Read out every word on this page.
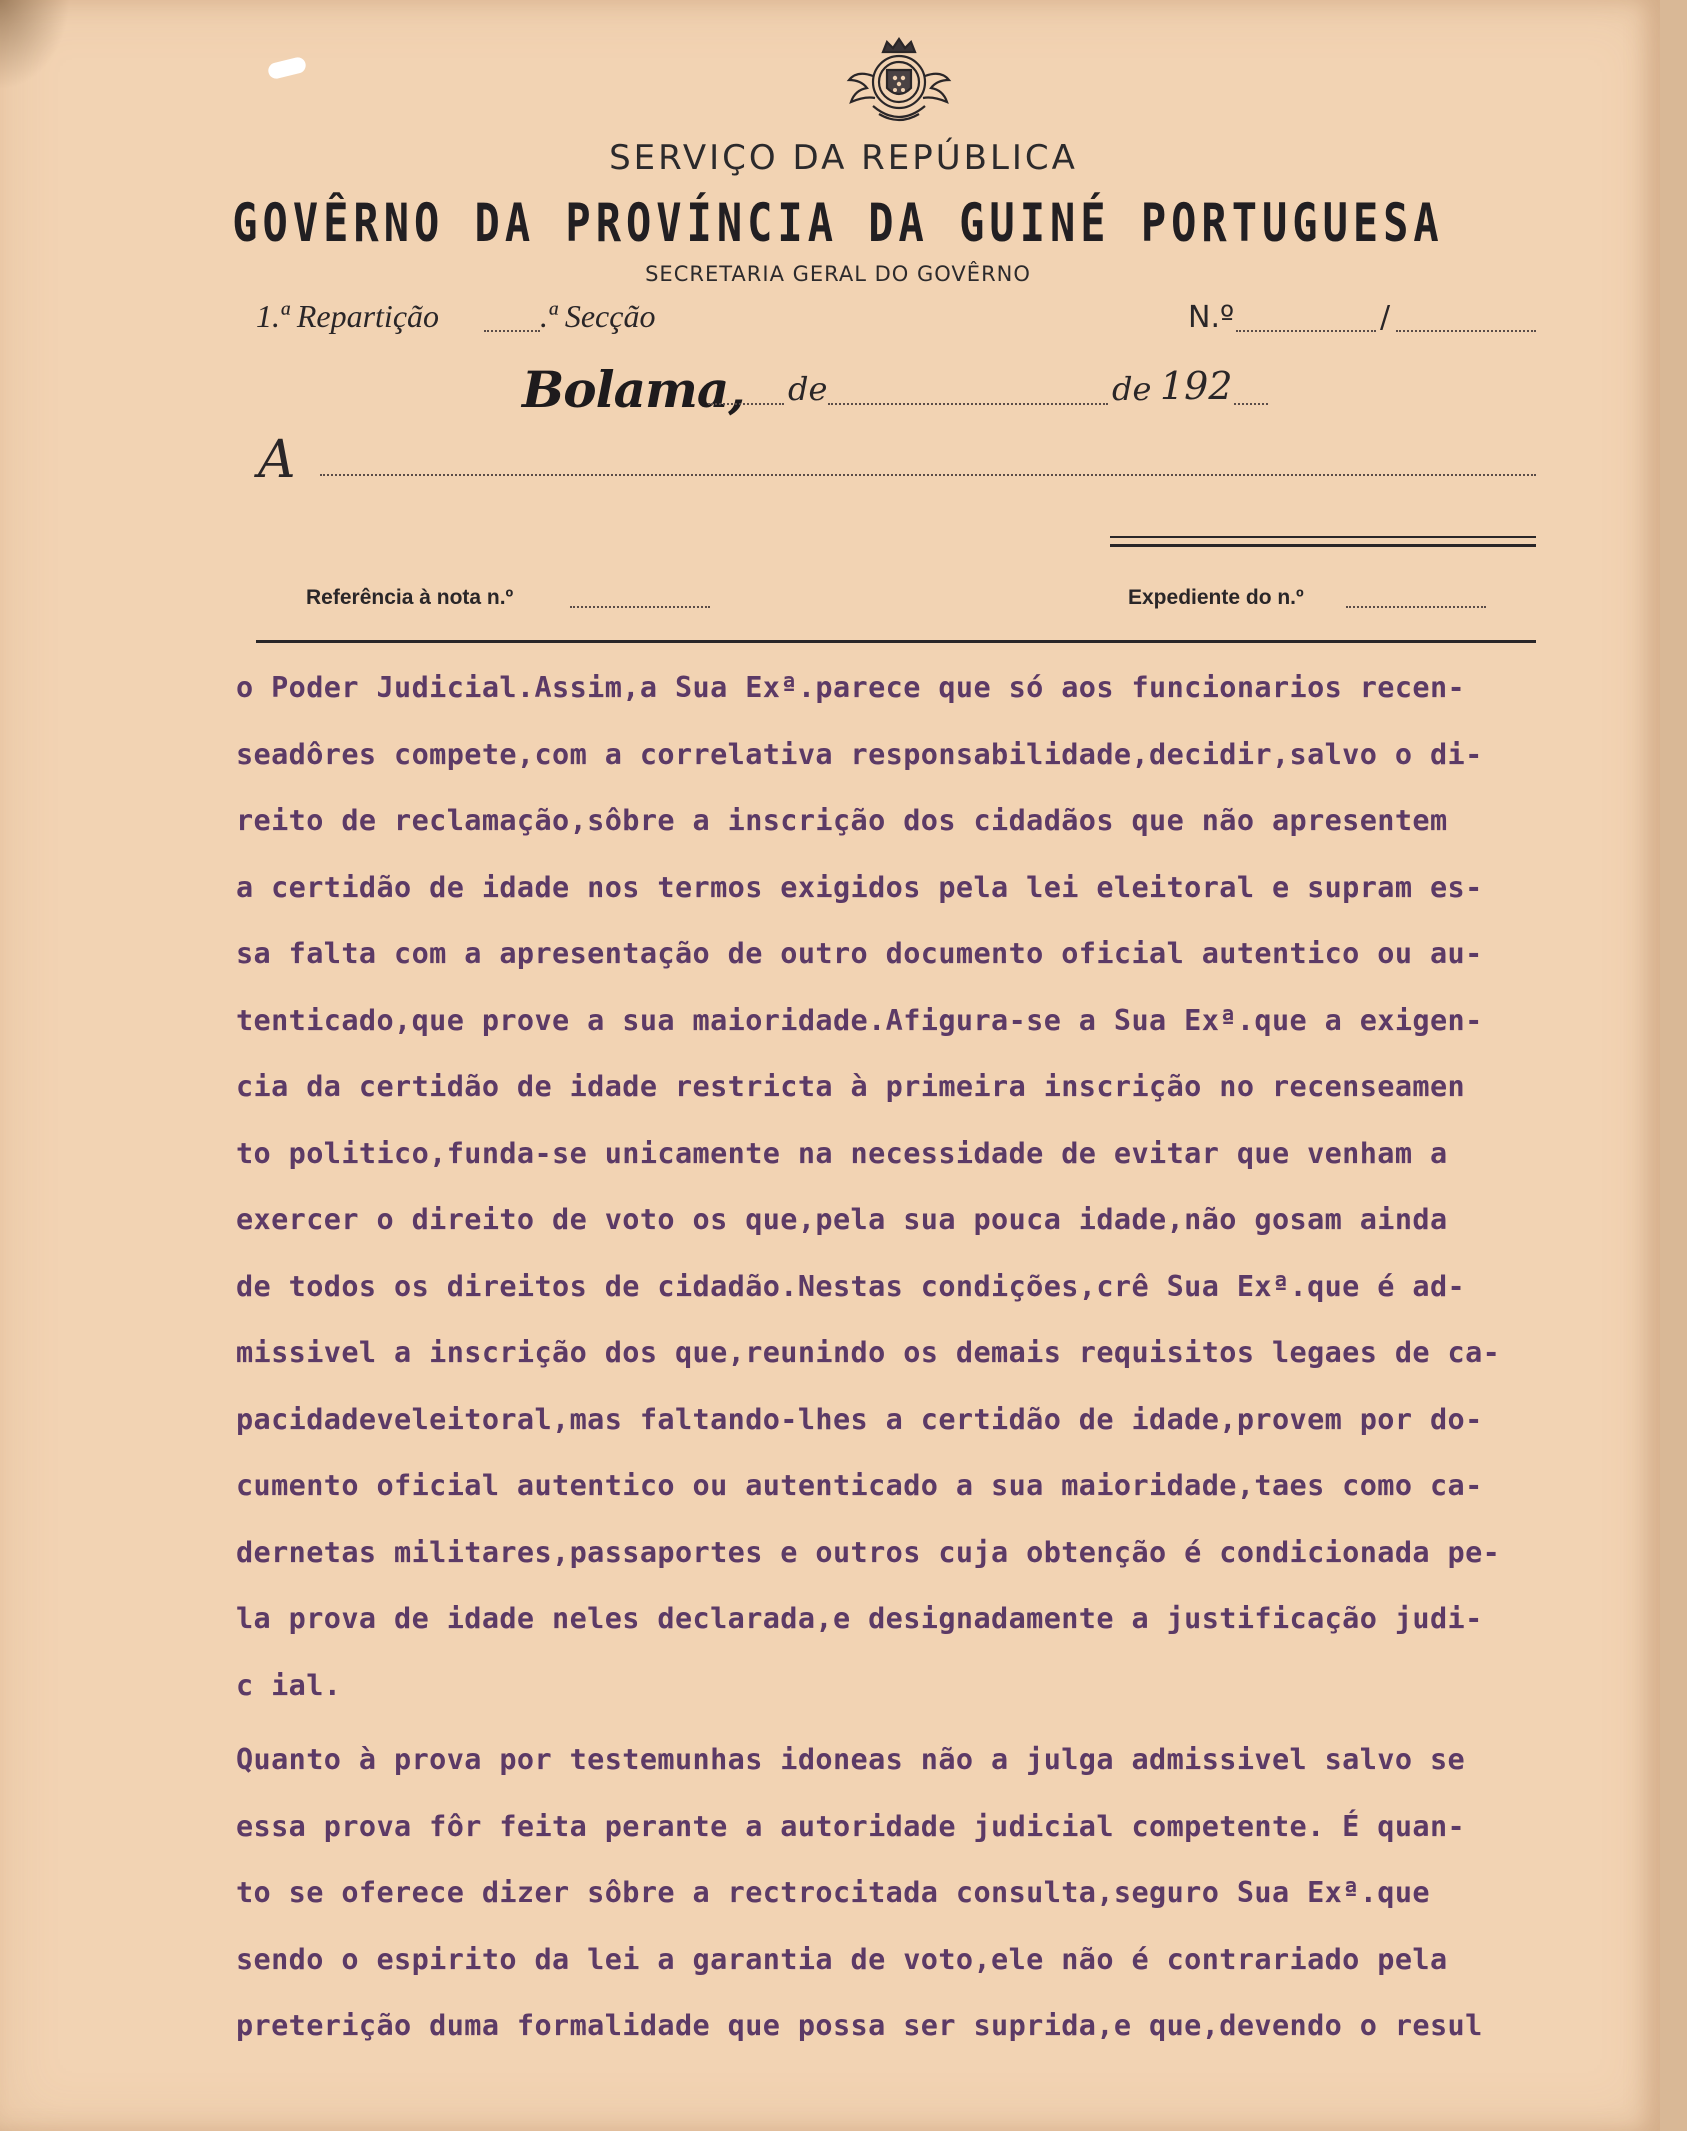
SERVIÇO DA REPÚBLICA
GOVÊRNO DA PROVÍNCIA DA GUINÉ PORTUGUESA
SECRETARIA GERAL DO GOVÊRNO
1.ª Repartição	.ª Secção	N.º	/
Bolama, de	de 192
A
Referência à nota n.º	Expediente do n.º
o Poder Judicial.Assim,a Sua Exª.parece que só aos funcionarios recen-
seadôres compete,com a correlativa responsabilidade,decidir,salvo o di-
reito de reclamação,sôbre a inscrição dos cidadãos que não apresentem
a certidão de idade nos termos exigidos pela lei eleitoral e supram es-
sa falta com a apresentação de outro documento oficial autentico ou au-
tenticado,que prove a sua maioridade.Afigura-se a Sua Exª.que a exigen-
cia da certidão de idade restricta à primeira inscrição no recenseamen
to politico,funda-se unicamente na necessidade de evitar que venham a
exercer o direito de voto os que,pela sua pouca idade,não gosam ainda
de todos os direitos de cidadão.Nestas condições,crê Sua Exª.que é ad-
missivel a inscrição dos que,reunindo os demais requisitos legaes de ca-
pacidadeveleitoral,mas faltando-lhes a certidão de idade,provem por do-
cumento oficial autentico ou autenticado a sua maioridade,taes como ca-
dernetas militares,passaportes e outros cuja obtenção é condicionada pe-
la prova de idade neles declarada,e designadamente a justificação judi-
c ial.
Quanto à prova por testemunhas idoneas não a julga admissivel salvo se
essa prova fôr feita perante a autoridade judicial competente. É quan-
to se oferece dizer sôbre a rectrocitada consulta,seguro Sua Exª.que
sendo o espirito da lei a garantia de voto,ele não é contrariado pela
preterição duma formalidade que possa ser suprida,e que,devendo o resul
